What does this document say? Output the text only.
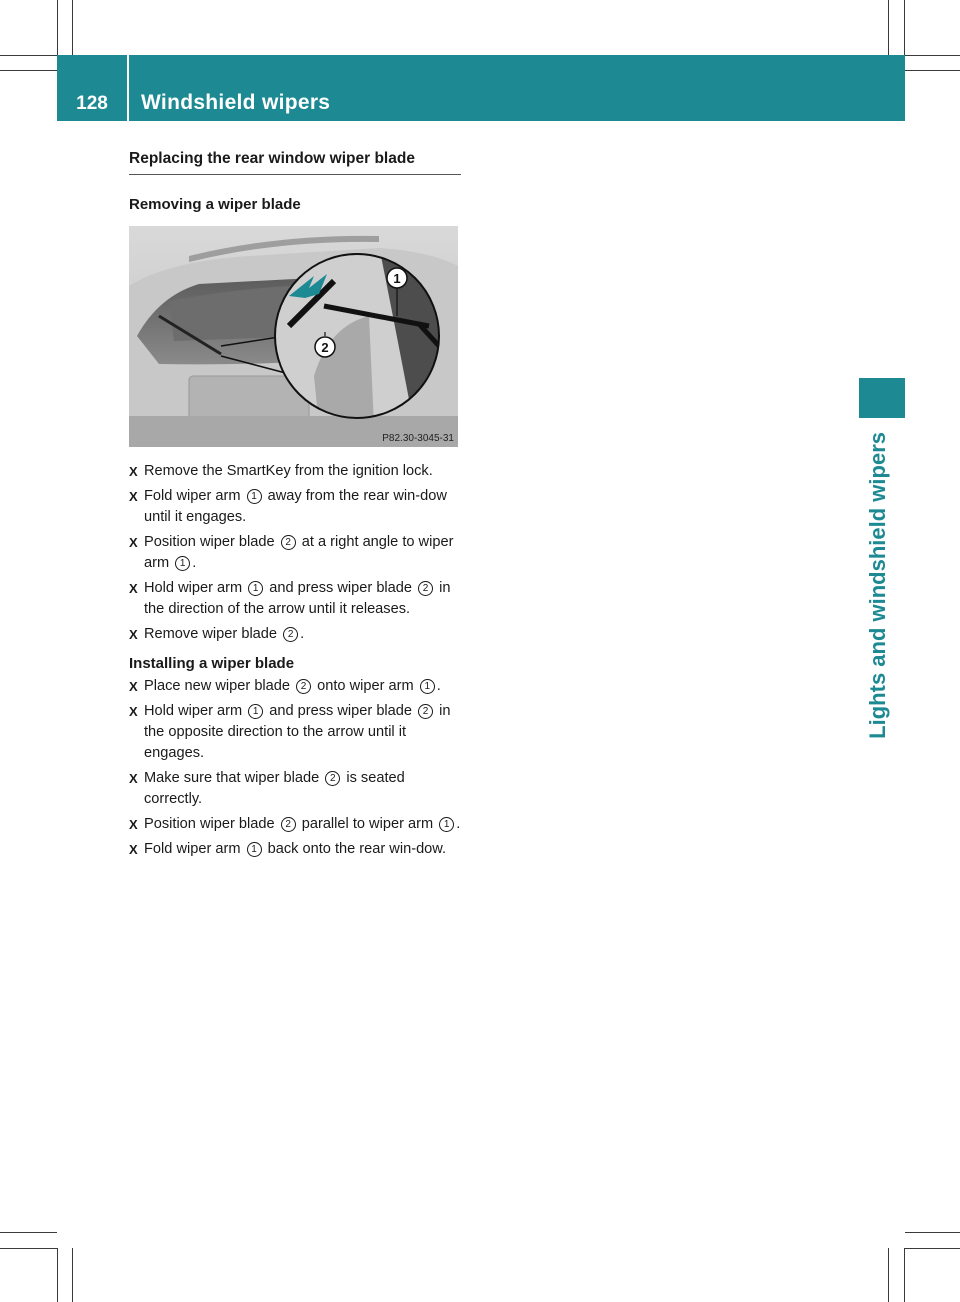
128	Windshield wipers
Lights and windshield wipers
Replacing the rear window wiper blade
Removing a wiper blade
1
2
P82.30-3045-31
X Remove the SmartKey from the ignition lock.
X Fold wiper arm 1 away from the rear win-dow until it engages.
X Position wiper blade 2 at a right angle to wiper arm 1 .
X Hold wiper arm 1 and press wiper blade 2 in the direction of the arrow until it releases.
X Remove wiper blade 2 .
Installing a wiper blade
X Place new wiper blade 2 onto wiper arm 1 .
X Hold wiper arm 1 and press wiper blade 2 in the opposite direction to the arrow until it engages.
X Make sure that wiper blade 2 is seated correctly.
X Position wiper blade 2 parallel to wiper arm 1 .
X Fold wiper arm 1 back onto the rear win-dow.
